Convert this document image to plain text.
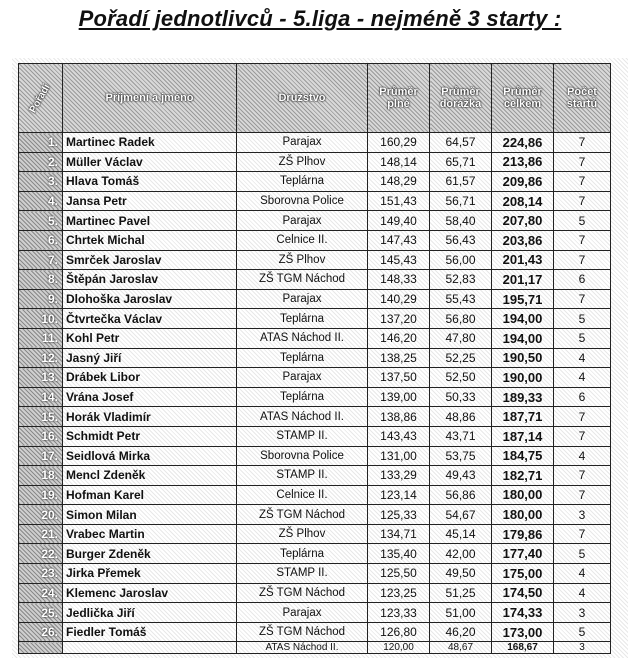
Pořadí jednotlivců - 5.liga - nejméně 3 starty :
Pořadí	Příjmení a jméno	Družstvo	Průměr plné	Průměr dorážka	Průměr celkem	Počet startů
1.	Martinec Radek	Parajax	160,29	64,57	224,86	7
2.	Müller Václav	ZŠ Plhov	148,14	65,71	213,86	7
3.	Hlava Tomáš	Teplárna	148,29	61,57	209,86	7
4.	Jansa Petr	Sborovna Police	151,43	56,71	208,14	7
5.	Martinec Pavel	Parajax	149,40	58,40	207,80	5
6.	Chrtek Michal	Celnice II.	147,43	56,43	203,86	7
7.	Smrček Jaroslav	ZŠ Plhov	145,43	56,00	201,43	7
8.	Štěpán Jaroslav	ZŠ TGM Náchod	148,33	52,83	201,17	6
9.	Dlohoška Jaroslav	Parajax	140,29	55,43	195,71	7
10.	Čtvrtečka Václav	Teplárna	137,20	56,80	194,00	5
11.	Kohl Petr	ATAS Náchod II.	146,20	47,80	194,00	5
12.	Jasný Jiří	Teplárna	138,25	52,25	190,50	4
13.	Drábek Libor	Parajax	137,50	52,50	190,00	4
14.	Vrána Josef	Teplárna	139,00	50,33	189,33	6
15.	Horák Vladimír	ATAS Náchod II.	138,86	48,86	187,71	7
16.	Schmidt Petr	STAMP II.	143,43	43,71	187,14	7
17.	Seidlová Mirka	Sborovna Police	131,00	53,75	184,75	4
18.	Mencl Zdeněk	STAMP II.	133,29	49,43	182,71	7
19.	Hofman Karel	Celnice II.	123,14	56,86	180,00	7
20.	Simon Milan	ZŠ TGM Náchod	125,33	54,67	180,00	3
21.	Vrabec Martin	ZŠ Plhov	134,71	45,14	179,86	7
22.	Burger Zdeněk	Teplárna	135,40	42,00	177,40	5
23.	Jirka Přemek	STAMP II.	125,50	49,50	175,00	4
24.	Klemenc Jaroslav	ZŠ TGM Náchod	123,25	51,25	174,50	4
25.	Jedlička Jiří	Parajax	123,33	51,00	174,33	3
26.	Fiedler Tomáš	ZŠ TGM Náchod	126,80	46,20	173,00	5
		ATAS Náchod II.	120,00	48,67	168,67	3
